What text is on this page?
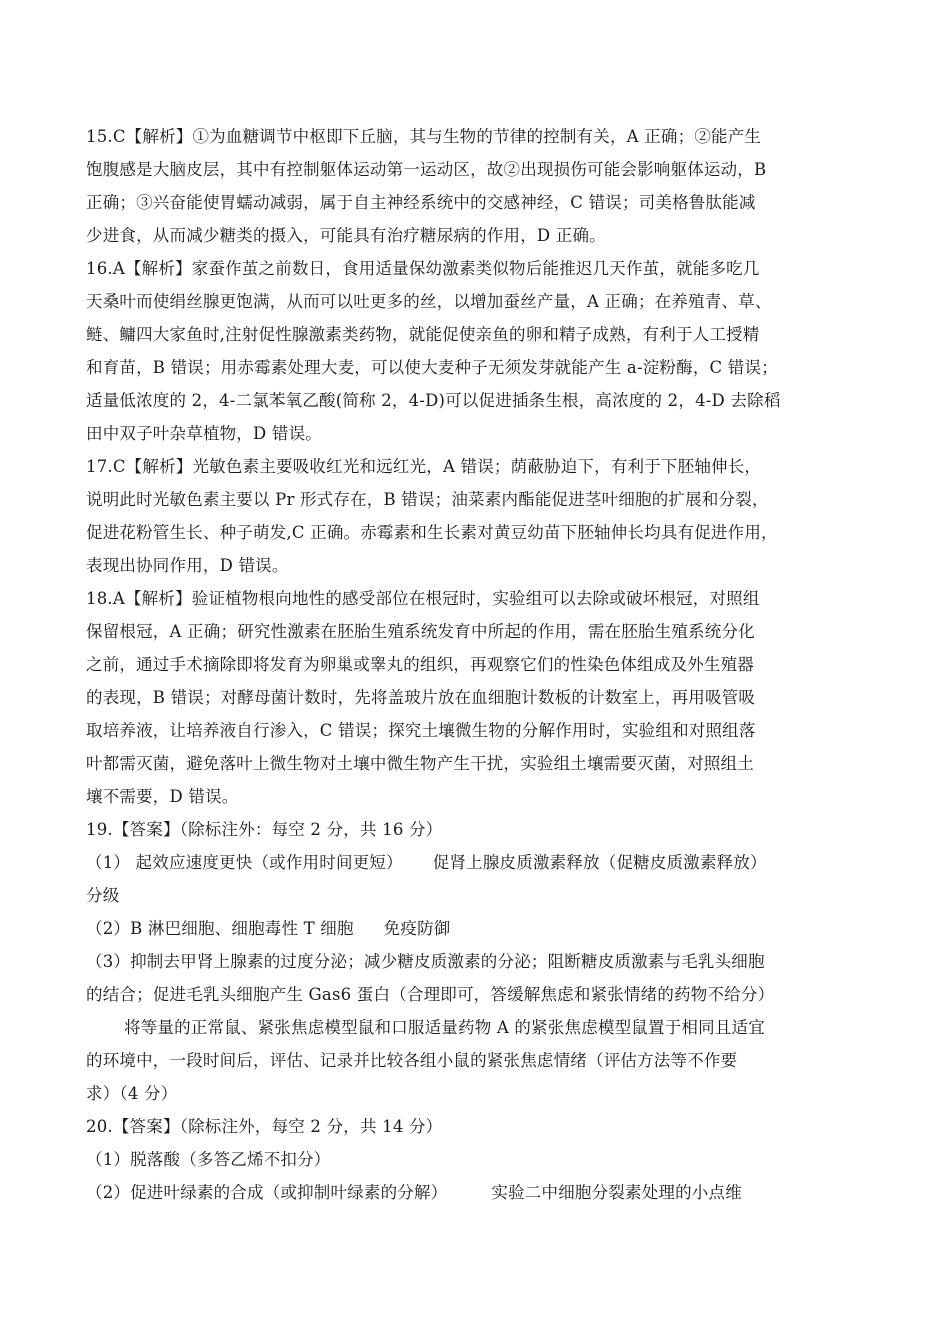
15.C【解析】①为血糖调节中枢即下丘脑，其与生物的节律的控制有关，A 正确；②能产生
饱腹感是大脑皮层，其中有控制躯体运动第一运动区，故②出现损伤可能会影响躯体运动，B
正确；③兴奋能使胃蠕动减弱，属于自主神经系统中的交感神经，C 错误；司美格鲁肽能减
少进食，从而减少糖类的摄入，可能具有治疗糖尿病的作用，D 正确。
16.A【解析】家蚕作茧之前数日，食用适量保幼激素类似物后能推迟几天作茧，就能多吃几
天桑叶而使绢丝腺更饱满，从而可以吐更多的丝，以增加蚕丝产量，A 正确；在养殖青、草、
鲢、鳙四大家鱼时,注射促性腺激素类药物，就能促使亲鱼的卵和精子成熟，有利于人工授精
和育苗，B 错误；用赤霉素处理大麦，可以使大麦种子无须发芽就能产生 a-淀粉酶，C 错误；
适量低浓度的 2，4-二氯苯氧乙酸(简称 2，4-D)可以促进插条生根，高浓度的 2，4-D 去除稻
田中双子叶杂草植物，D 错误。
17.C【解析】光敏色素主要吸收红光和远红光，A 错误；荫蔽胁迫下，有利于下胚轴伸长，
说明此时光敏色素主要以 Pr 形式存在，B 错误；油菜素内酯能促进茎叶细胞的扩展和分裂，
促进花粉管生长、种子萌发,C 正确。赤霉素和生长素对黄豆幼苗下胚轴伸长均具有促进作用，
表现出协同作用，D 错误。
18.A【解析】验证植物根向地性的感受部位在根冠时，实验组可以去除或破坏根冠，对照组
保留根冠，A 正确；研究性激素在胚胎生殖系统发育中所起的作用，需在胚胎生殖系统分化
之前，通过手术摘除即将发育为卵巢或睾丸的组织，再观察它们的性染色体组成及外生殖器
的表现，B 错误；对酵母菌计数时，先将盖玻片放在血细胞计数板的计数室上，再用吸管吸
取培养液，让培养液自行渗入，C 错误；探究土壤微生物的分解作用时，实验组和对照组落
叶都需灭菌，避免落叶上微生物对土壤中微生物产生干扰，实验组土壤需要灭菌，对照组土
壤不需要，D 错误。
19.【答案】（除标注外：每空 2 分，共 16 分）
（1） 起效应速度更快（或作用时间更短） 促肾上腺皮质激素释放（促糖皮质激素释放）
分级
（2）B 淋巴细胞、细胞毒性 T 细胞 免疫防御
（3）抑制去甲肾上腺素的过度分泌；减少糖皮质激素的分泌；阻断糖皮质激素与毛乳头细胞
的结合；促进毛乳头细胞产生 Gas6 蛋白（合理即可，答缓解焦虑和紧张情绪的药物不给分）
将等量的正常鼠、紧张焦虑模型鼠和口服适量药物 A 的紧张焦虑模型鼠置于相同且适宜
的环境中，一段时间后，评估、记录并比较各组小鼠的紧张焦虑情绪（评估方法等不作要
求）（4 分）
20.【答案】（除标注外，每空 2 分，共 14 分）
（1）脱落酸（多答乙烯不扣分）
（2）促进叶绿素的合成（或抑制叶绿素的分解）	实验二中细胞分裂素处理的小点维
